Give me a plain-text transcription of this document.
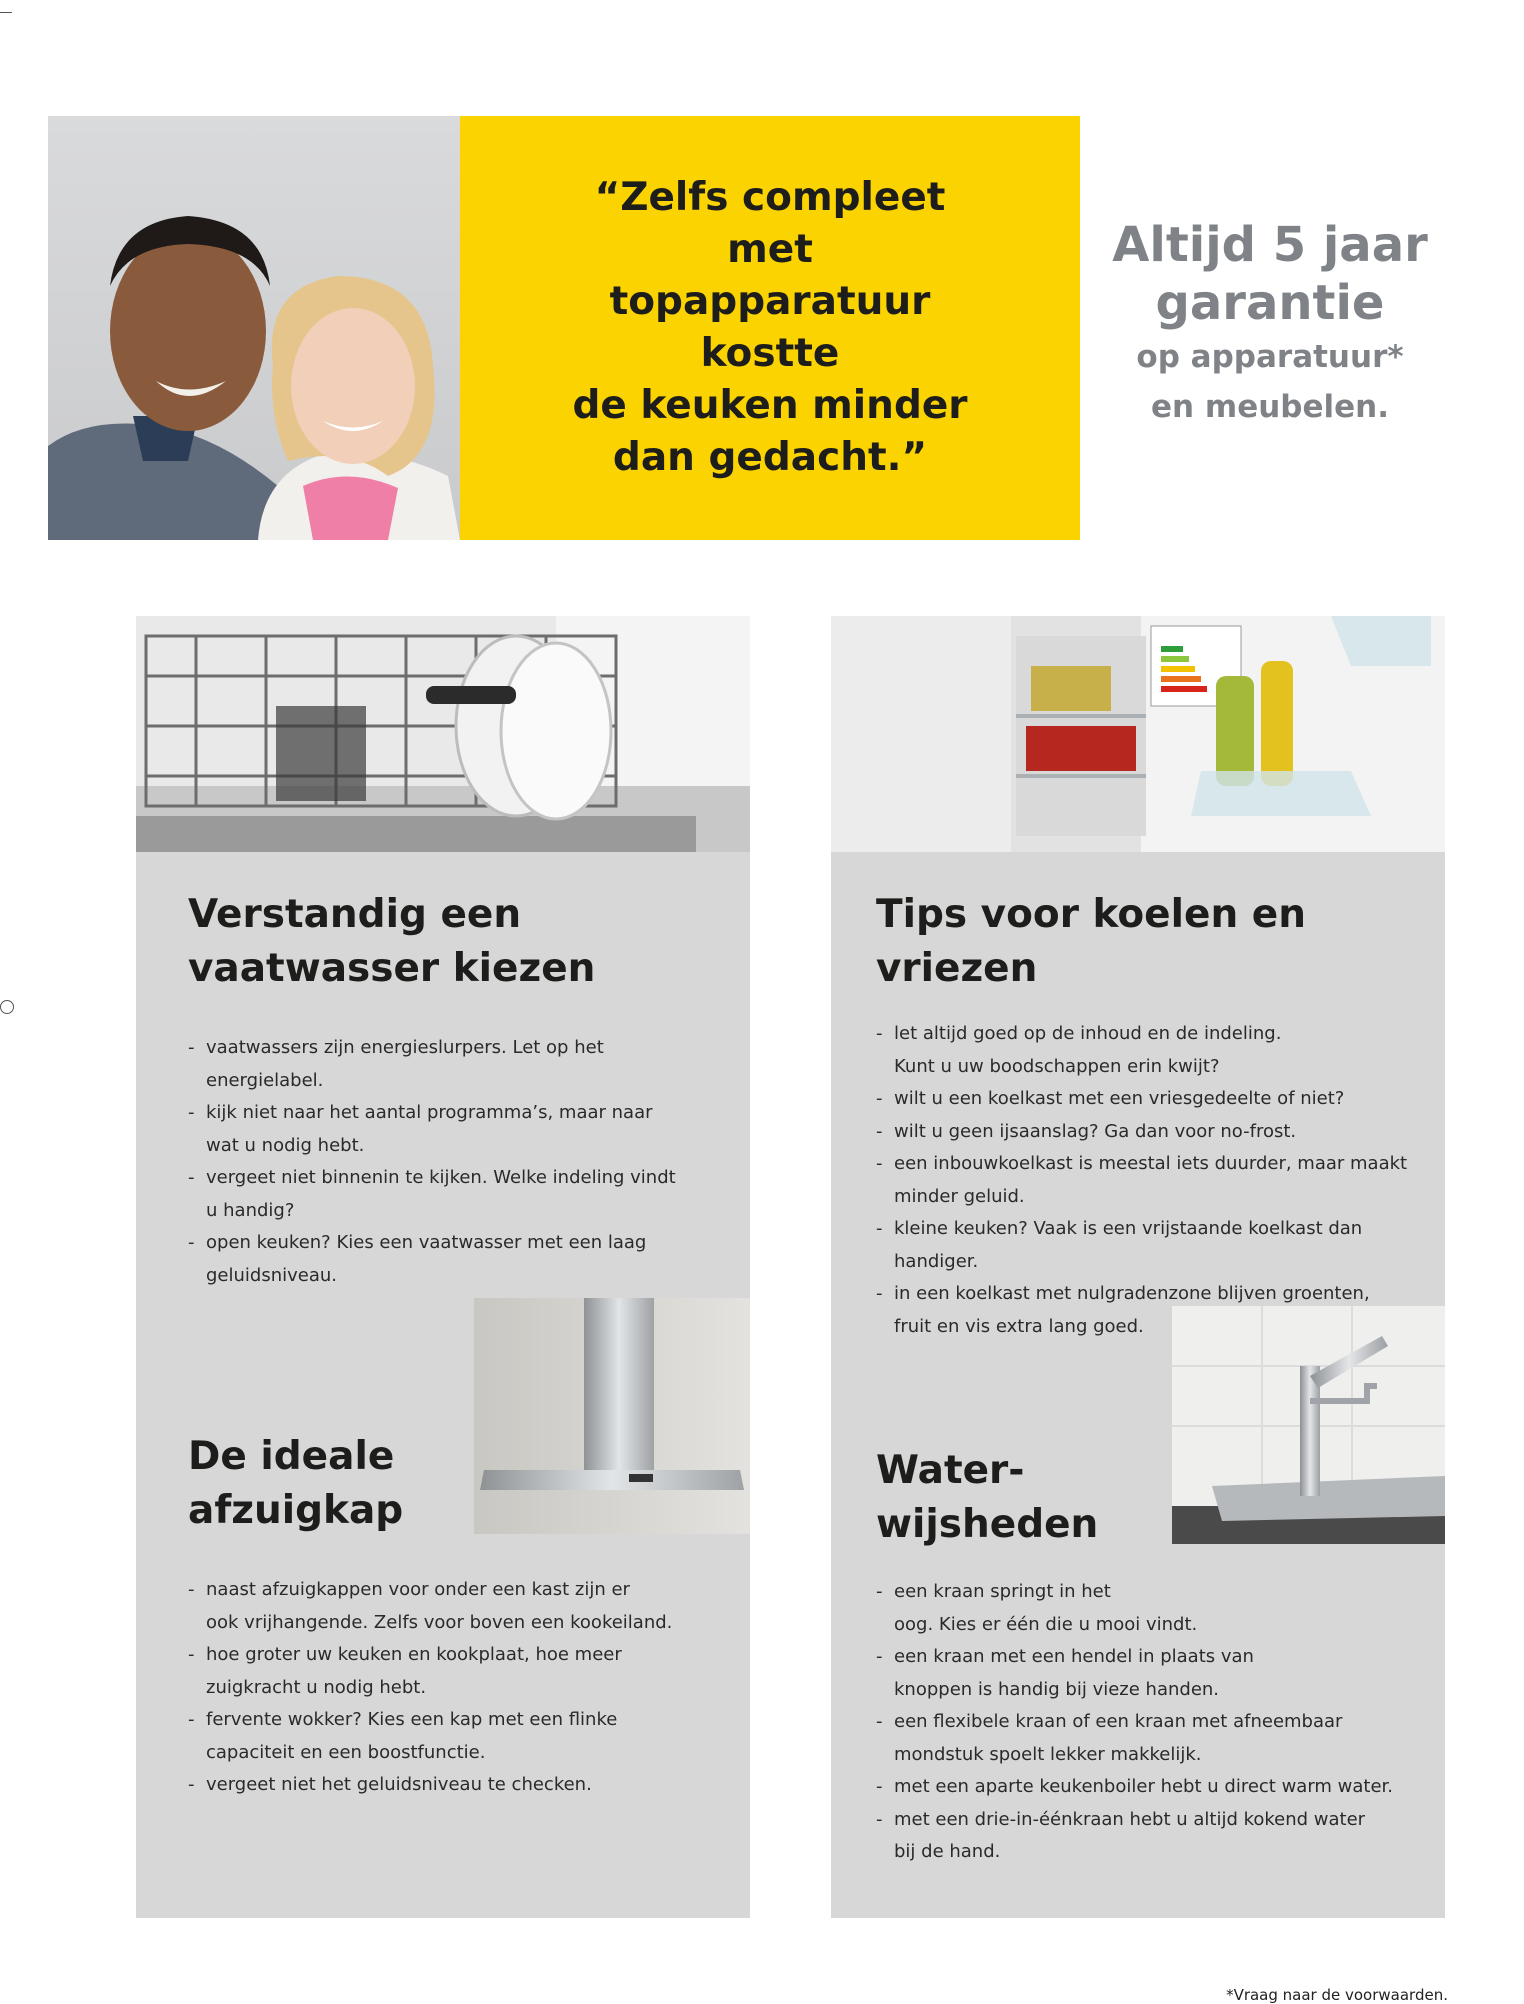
“Zelfs compleet met
topapparatuur kostte
de keuken minder
dan gedacht.”
Altijd 5 jaar
garantie
op apparatuur*
en meubelen.
Verstandig een
vaatwasser kiezen
- vaatwassers zijn energieslurpers. Let op het
energielabel.
- kijk niet naar het aantal programma’s, maar naar
wat u nodig hebt.
- vergeet niet binnenin te kijken. Welke indeling vindt
u handig?
- open keuken? Kies een vaatwasser met een laag
geluidsniveau.
De ideale
afzuigkap
- naast afzuigkappen voor onder een kast zijn er
ook vrijhangende. Zelfs voor boven een kookeiland.
- hoe groter uw keuken en kookplaat, hoe meer
zuigkracht u nodig hebt.
- fervente wokker? Kies een kap met een flinke
capaciteit en een boostfunctie.
- vergeet niet het geluidsniveau te checken.
Tips voor koelen en vriezen
- let altijd goed op de inhoud en de indeling.
Kunt u uw boodschappen erin kwijt?
- wilt u een koelkast met een vriesgedeelte of niet?
- wilt u geen ijsaanslag? Ga dan voor no-frost.
- een inbouwkoelkast is meestal iets duurder, maar maakt
minder geluid.
- kleine keuken? Vaak is een vrijstaande koelkast dan
handiger.
- in een koelkast met nulgradenzone blijven groenten,
fruit en vis extra lang goed.
Water-
wijsheden
- een kraan springt in het
oog. Kies er één die u mooi vindt.
- een kraan met een hendel in plaats van
knoppen is handig bij vieze handen.
- een flexibele kraan of een kraan met afneembaar
mondstuk spoelt lekker makkelijk.
- met een aparte keukenboiler hebt u direct warm water.
- met een drie-in-éénkraan hebt u altijd kokend water
bij de hand.
*Vraag naar de voorwaarden.
